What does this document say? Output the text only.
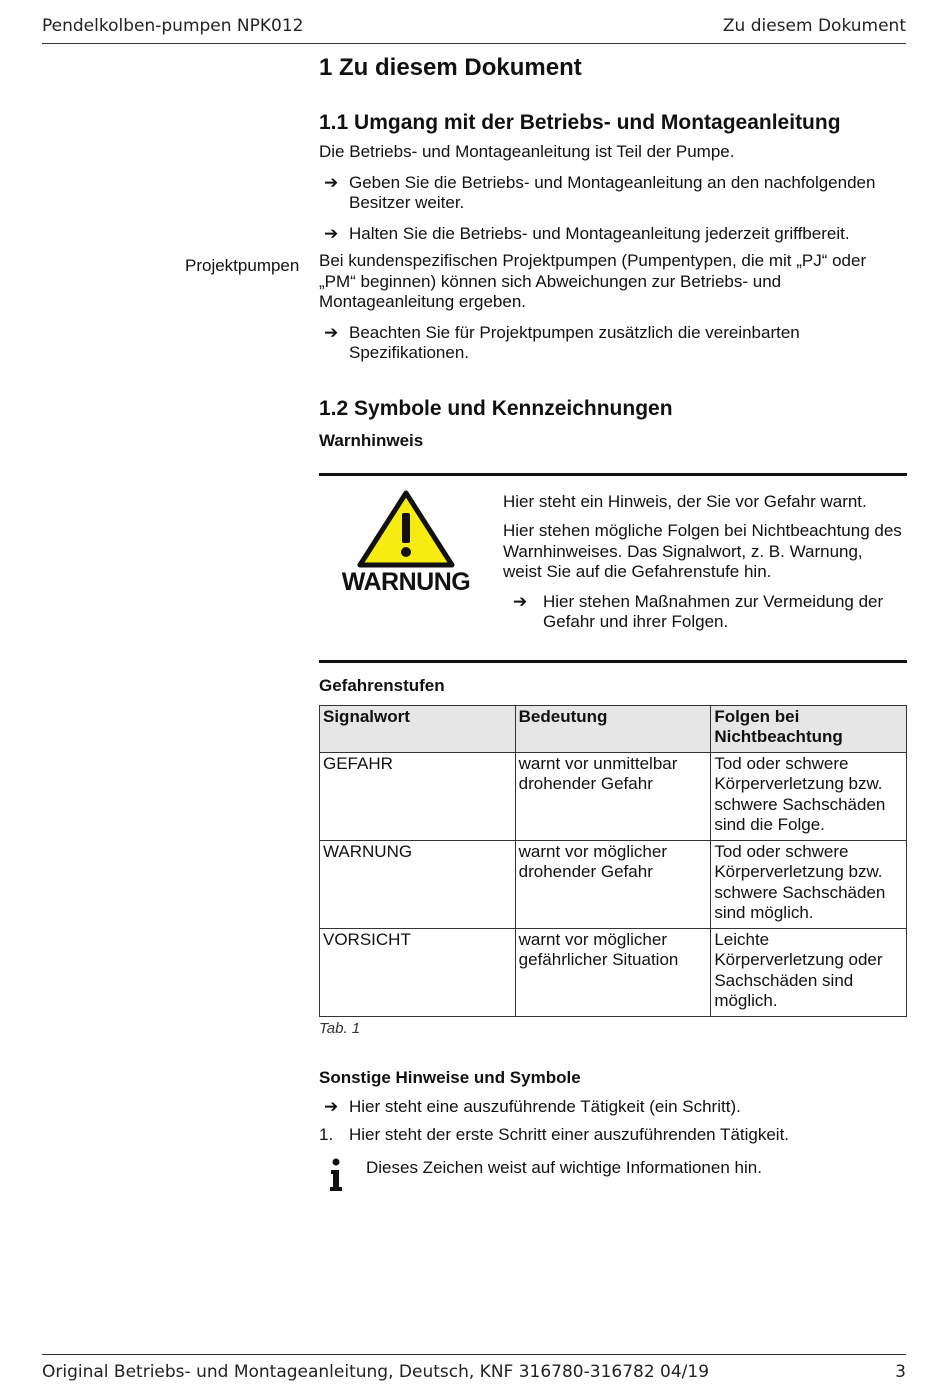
Pendelkolben-pumpen NPK012	Zu diesem Dokument
Projektpumpen
1 Zu diesem Dokument
1.1 Umgang mit der Betriebs- und Montageanleitung

Die Betriebs- und Montageanleitung ist Teil der Pumpe.

➔ Geben Sie die Betriebs- und Montageanleitung an den nachfolgenden Besitzer weiter.
➔ Halten Sie die Betriebs- und Montageanleitung jederzeit griffbereit.

Bei kundenspezifischen Projektpumpen (Pumpentypen, die mit „PJ“ oder „PM“ beginnen) können sich Abweichungen zur Betriebs- und Montageanleitung ergeben.

➔ Beachten Sie für Projektpumpen zusätzlich die vereinbarten Spezifikationen.
1.2 Symbole und Kennzeichnungen
Warnhinweis
WARNUNG

Hier steht ein Hinweis, der Sie vor Gefahr warnt.

Hier stehen mögliche Folgen bei Nichtbeachtung des Warnhinweises. Das Signalwort, z. B. Warnung, weist Sie auf die Gefahrenstufe hin.

➔ Hier stehen Maßnahmen zur Vermeidung der Gefahr und ihrer Folgen.
Gefahrenstufen
Signalwort	Bedeutung	Folgen bei Nichtbeachtung
GEFAHR	warnt vor unmittelbar drohender Gefahr	Tod oder schwere Körperverletzung bzw. schwere Sachschäden sind die Folge.
WARNUNG	warnt vor möglicher drohender Gefahr	Tod oder schwere Körperverletzung bzw. schwere Sachschäden sind möglich.
VORSICHT	warnt vor möglicher gefährlicher Situation	Leichte Körperverletzung oder Sachschäden sind möglich.
Tab. 1
Sonstige Hinweise und Symbole
➔ Hier steht eine auszuführende Tätigkeit (ein Schritt).
1. Hier steht der erste Schritt einer auszuführenden Tätigkeit.
Dieses Zeichen weist auf wichtige Informationen hin.
Original Betriebs- und Montageanleitung, Deutsch, KNF 316780-316782 04/19	3
